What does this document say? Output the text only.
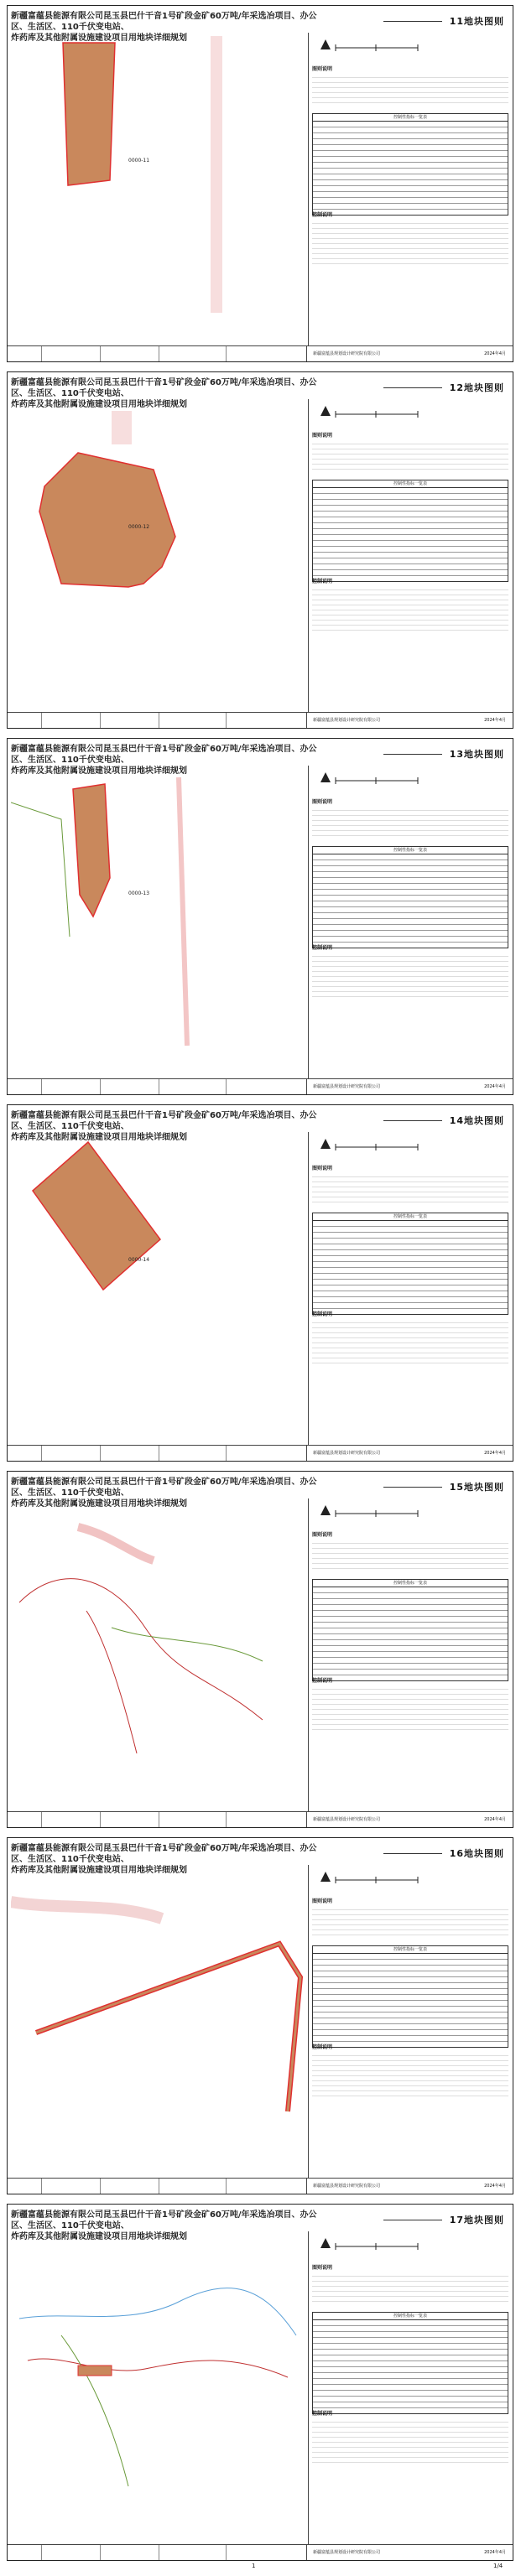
新疆富蕴县能源有限公司昆玉县巴什干音1号矿段金矿60万吨/年采选冶项目、办公区、生活区、110千伏变电站、
炸药库及其他附属设施建设项目用地块详细规划
11地块图则
0000-11
图则说明
控制性指标一览表
控制说明
新疆富蕴县规划设计研究院有限公司	2024年4月
新疆富蕴县能源有限公司昆玉县巴什干音1号矿段金矿60万吨/年采选冶项目、办公区、生活区、110千伏变电站、
炸药库及其他附属设施建设项目用地块详细规划
12地块图则
0000-12
图则说明
控制性指标一览表
控制说明
新疆富蕴县规划设计研究院有限公司	2024年4月
新疆富蕴县能源有限公司昆玉县巴什干音1号矿段金矿60万吨/年采选冶项目、办公区、生活区、110千伏变电站、
炸药库及其他附属设施建设项目用地块详细规划
13地块图则
0000-13
图则说明
控制性指标一览表
控制说明
新疆富蕴县规划设计研究院有限公司	2024年4月
新疆富蕴县能源有限公司昆玉县巴什干音1号矿段金矿60万吨/年采选冶项目、办公区、生活区、110千伏变电站、
炸药库及其他附属设施建设项目用地块详细规划
14地块图则
0000-14
图则说明
控制性指标一览表
控制说明
新疆富蕴县规划设计研究院有限公司	2024年4月
新疆富蕴县能源有限公司昆玉县巴什干音1号矿段金矿60万吨/年采选冶项目、办公区、生活区、110千伏变电站、
炸药库及其他附属设施建设项目用地块详细规划
15地块图则
图则说明
控制性指标一览表
控制说明
新疆富蕴县规划设计研究院有限公司	2024年4月
新疆富蕴县能源有限公司昆玉县巴什干音1号矿段金矿60万吨/年采选冶项目、办公区、生活区、110千伏变电站、
炸药库及其他附属设施建设项目用地块详细规划
16地块图则
图则说明
控制性指标一览表
控制说明
新疆富蕴县规划设计研究院有限公司	2024年4月
新疆富蕴县能源有限公司昆玉县巴什干音1号矿段金矿60万吨/年采选冶项目、办公区、生活区、110千伏变电站、
炸药库及其他附属设施建设项目用地块详细规划
17地块图则
图则说明
控制性指标一览表
控制说明
新疆富蕴县规划设计研究院有限公司	2024年4月
1	1/4
